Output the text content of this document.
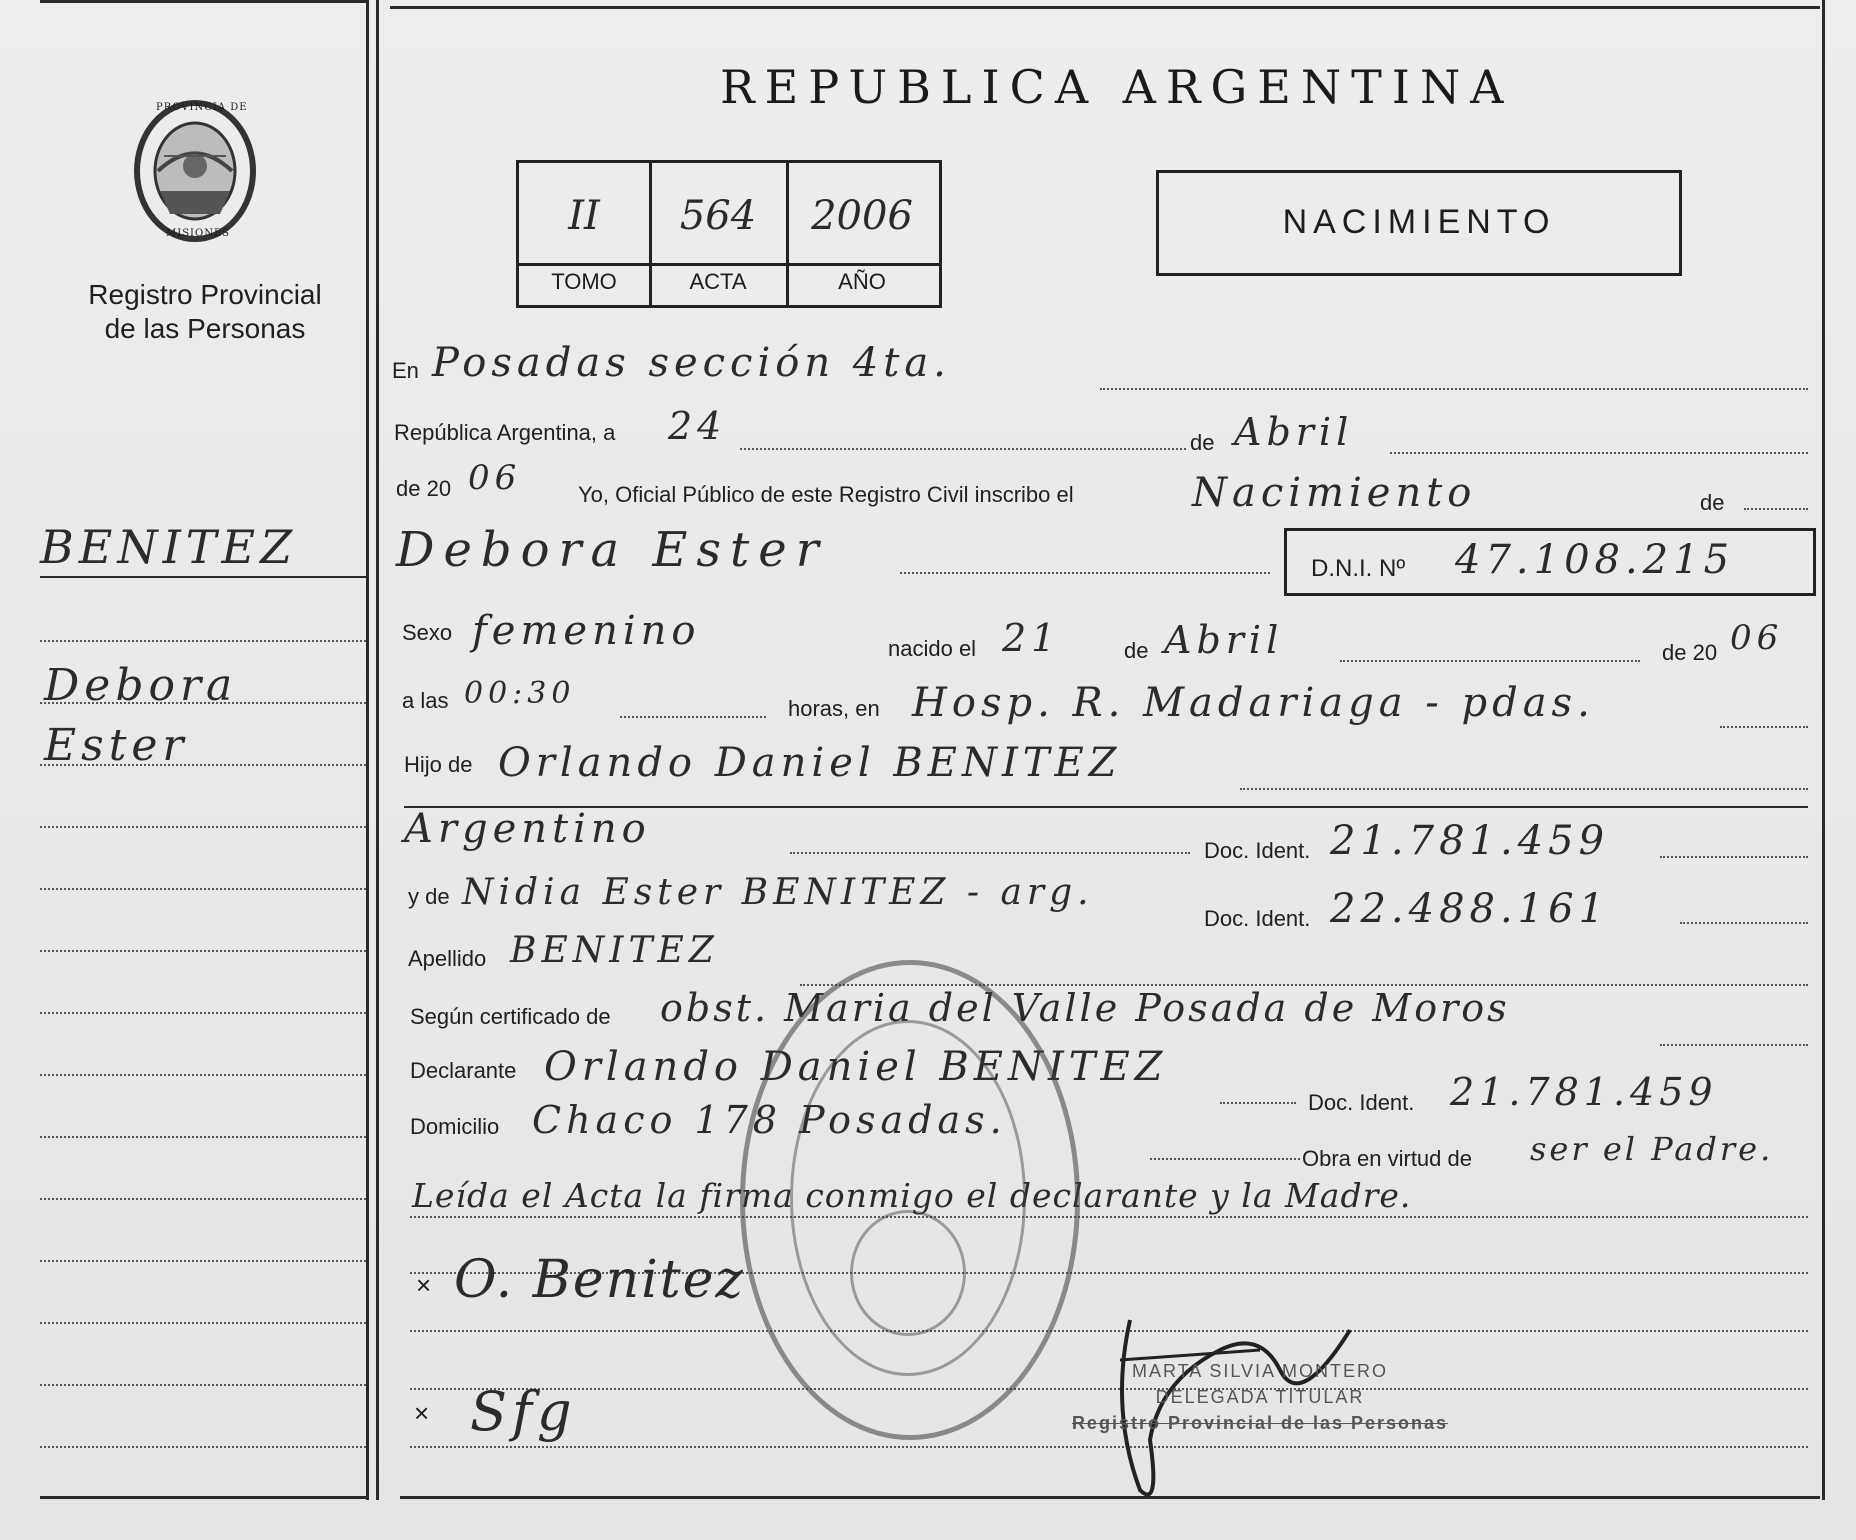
PROVINCIA DE
MISIONES
Registro Provincial
de las Personas
REPUBLICA ARGENTINA
II	564	2006
TOMO	ACTA	AÑO
NACIMIENTO
BENITEZ
Debora
Ester
En Posadas sección 4ta.
República Argentina, a 24	de Abril
de 20 06	Yo, Oficial Público de este Registro Civil inscribo el	Nacimiento	de
Debora Ester	D.N.I. Nº 47.108.215
Sexo femenino	nacido el 21	de Abril	de 20 06
a las 00:30	horas, en Hosp. R. Madariaga - pdas.
Hijo de Orlando Daniel BENITEZ
Argentino	Doc. Ident. 21.781.459
y de Nidia Ester BENITEZ - arg.
Doc. Ident. 22.488.161
Apellido BENITEZ
Según certificado de obst. Maria del Valle Posada de Moros
Declarante Orlando Daniel BENITEZ
Doc. Ident. 21.781.459
Domicilio Chaco 178 Posadas.
Obra en virtud de ser el Padre.
Leída el Acta la firma conmigo el declarante y la Madre.
× O. Benitez
× Sfg
MARTA SILVIA MONTERO
DELEGADA TITULAR
Registro Provincial de las Personas
